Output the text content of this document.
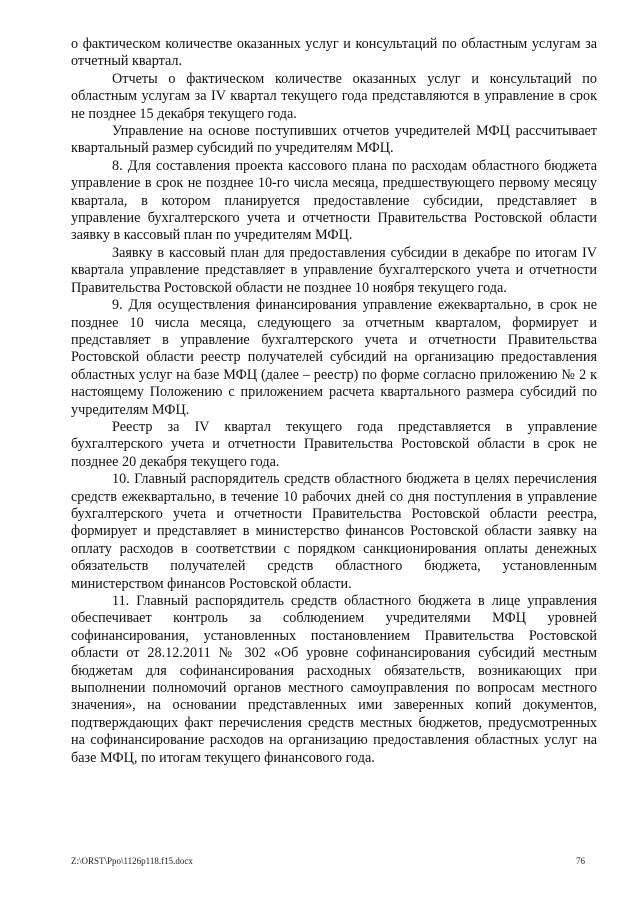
о фактическом количестве оказанных услуг и консультаций по областным услугам за отчетный квартал.

Отчеты о фактическом количестве оказанных услуг и консультаций по областным услугам за IV квартал текущего года представляются в управление в срок не позднее 15 декабря текущего года.

Управление на основе поступивших отчетов учредителей МФЦ рассчитывает квартальный размер субсидий по учредителям МФЦ.

8. Для составления проекта кассового плана по расходам областного бюджета управление в срок не позднее 10-го числа месяца, предшествующего первому месяцу квартала, в котором планируется предоставление субсидии, представляет в управление бухгалтерского учета и отчетности Правительства Ростовской области заявку в кассовый план по учредителям МФЦ.

Заявку в кассовый план для предоставления субсидии в декабре по итогам IV квартала управление представляет в управление бухгалтерского учета и отчетности Правительства Ростовской области не позднее 10 ноября текущего года.

9. Для осуществления финансирования управление ежеквартально, в срок не позднее 10 числа месяца, следующего за отчетным кварталом, формирует и представляет в управление бухгалтерского учета и отчетности Правительства Ростовской области реестр получателей субсидий на организацию предоставления областных услуг на базе МФЦ (далее – реестр) по форме согласно приложению № 2 к настоящему Положению с приложением расчета квартального размера субсидий по учредителям МФЦ.

Реестр за IV квартал текущего года представляется в управление бухгалтерского учета и отчетности Правительства Ростовской области в срок не позднее 20 декабря текущего года.

10. Главный распорядитель средств областного бюджета в целях перечисления средств ежеквартально, в течение 10 рабочих дней со дня поступления в управление бухгалтерского учета и отчетности Правительства Ростовской области реестра, формирует и представляет в министерство финансов Ростовской области заявку на оплату расходов в соответствии с порядком санкционирования оплаты денежных обязательств получателей средств областного бюджета, установленным министерством финансов Ростовской области.

11. Главный распорядитель средств областного бюджета в лице управления обеспечивает контроль за соблюдением учредителями МФЦ уровней софинансирования, установленных постановлением Правительства Ростовской области от 28.12.2011 № 302 «Об уровне софинансирования субсидий местным бюджетам для софинансирования расходных обязательств, возникающих при выполнении полномочий органов местного самоуправления по вопросам местного значения», на основании представленных ими заверенных копий документов, подтверждающих факт перечисления средств местных бюджетов, предусмотренных на софинансирование расходов на организацию предоставления областных услуг на базе МФЦ, по итогам текущего финансового года.

Z:\ORST\Ppo\1126p118.f15.docx	76
